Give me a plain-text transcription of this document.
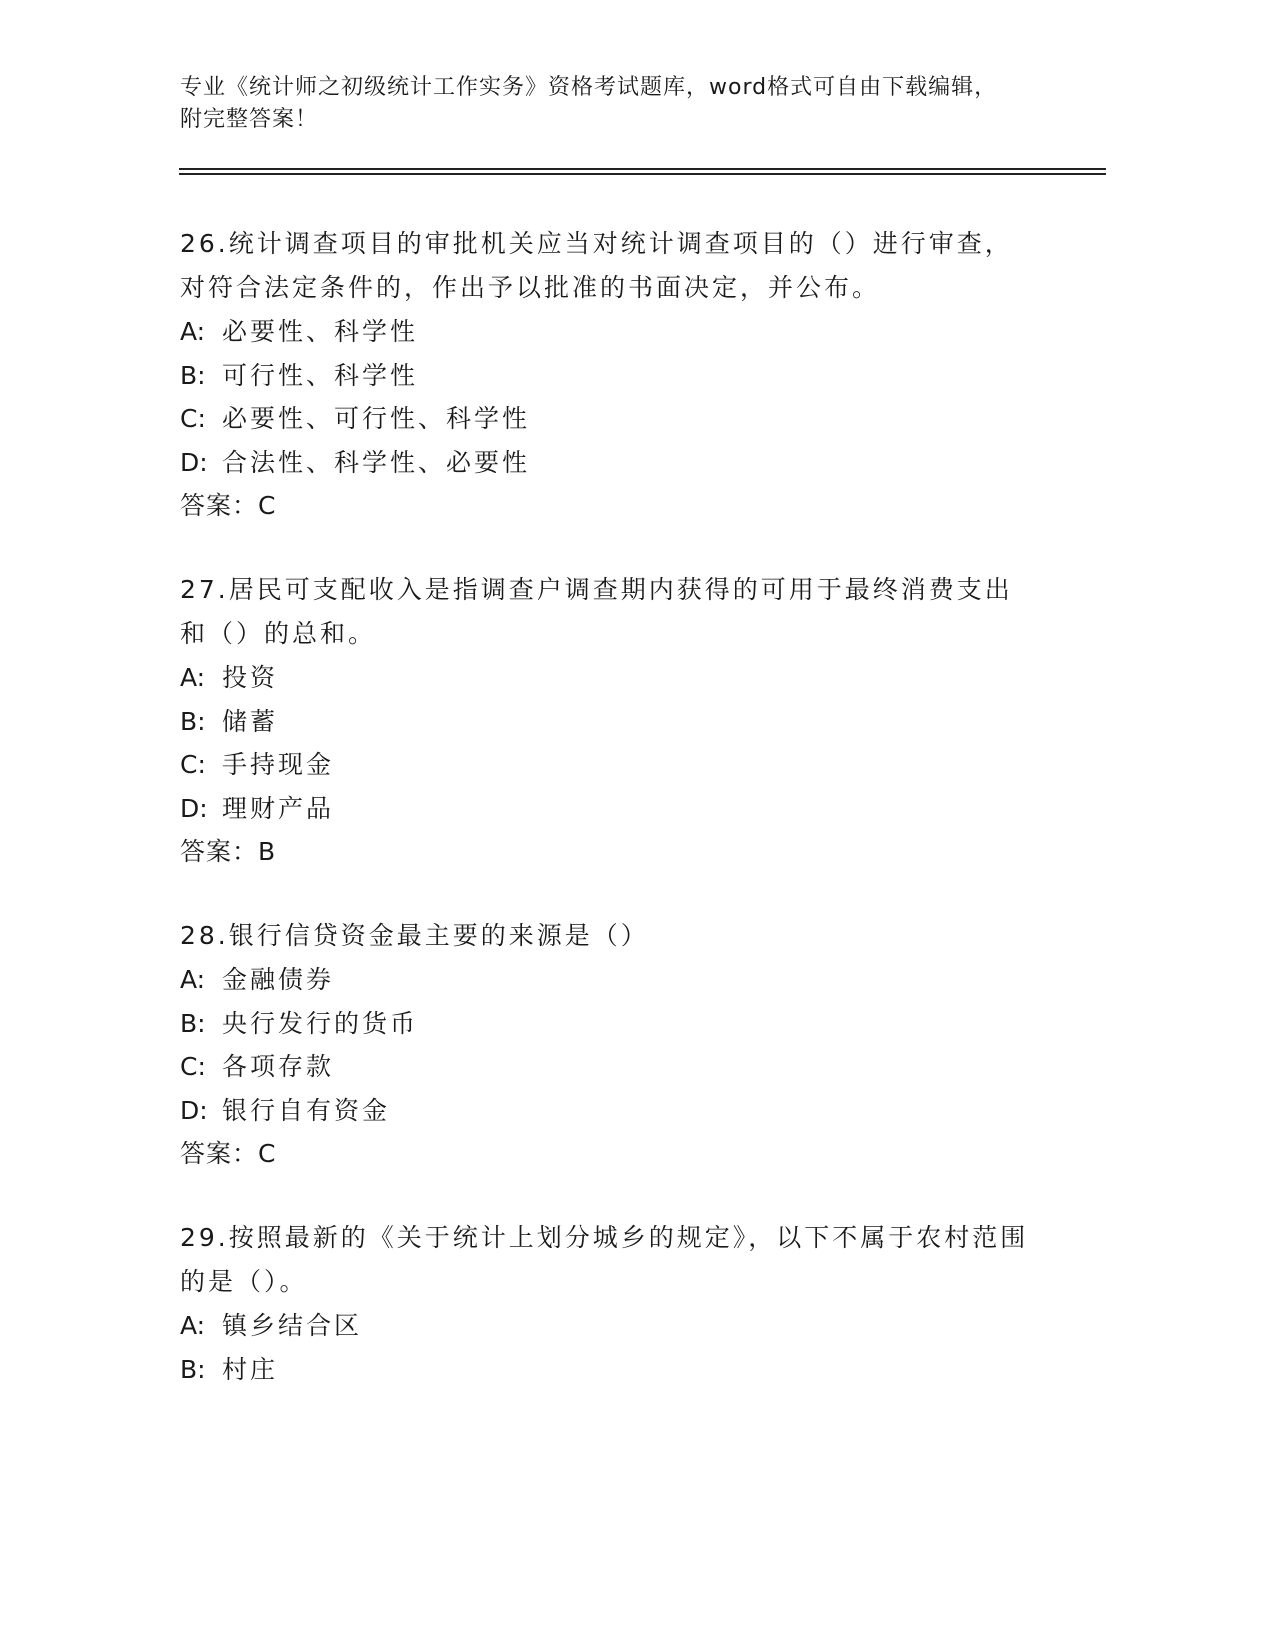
专业《统计师之初级统计工作实务》资格考试题库，word格式可自由下载编辑，
附完整答案！

26.统计调查项目的审批机关应当对统计调查项目的（）进行审查，对符合法定条件的，作出予以批准的书面决定，并公布。

A: 必要性、科学性

B: 可行性、科学性

C: 必要性、可行性、科学性

D: 合法性、科学性、必要性

答案：C

27.居民可支配收入是指调查户调查期内获得的可用于最终消费支出和（）的总和。

A: 投资

B: 储蓄

C: 手持现金

D: 理财产品

答案：B

28.银行信贷资金最主要的来源是（）

A: 金融债券

B: 央行发行的货币

C: 各项存款

D: 银行自有资金

答案：C

29.按照最新的《关于统计上划分城乡的规定》，以下不属于农村范围的是（）。

A: 镇乡结合区

B: 村庄
